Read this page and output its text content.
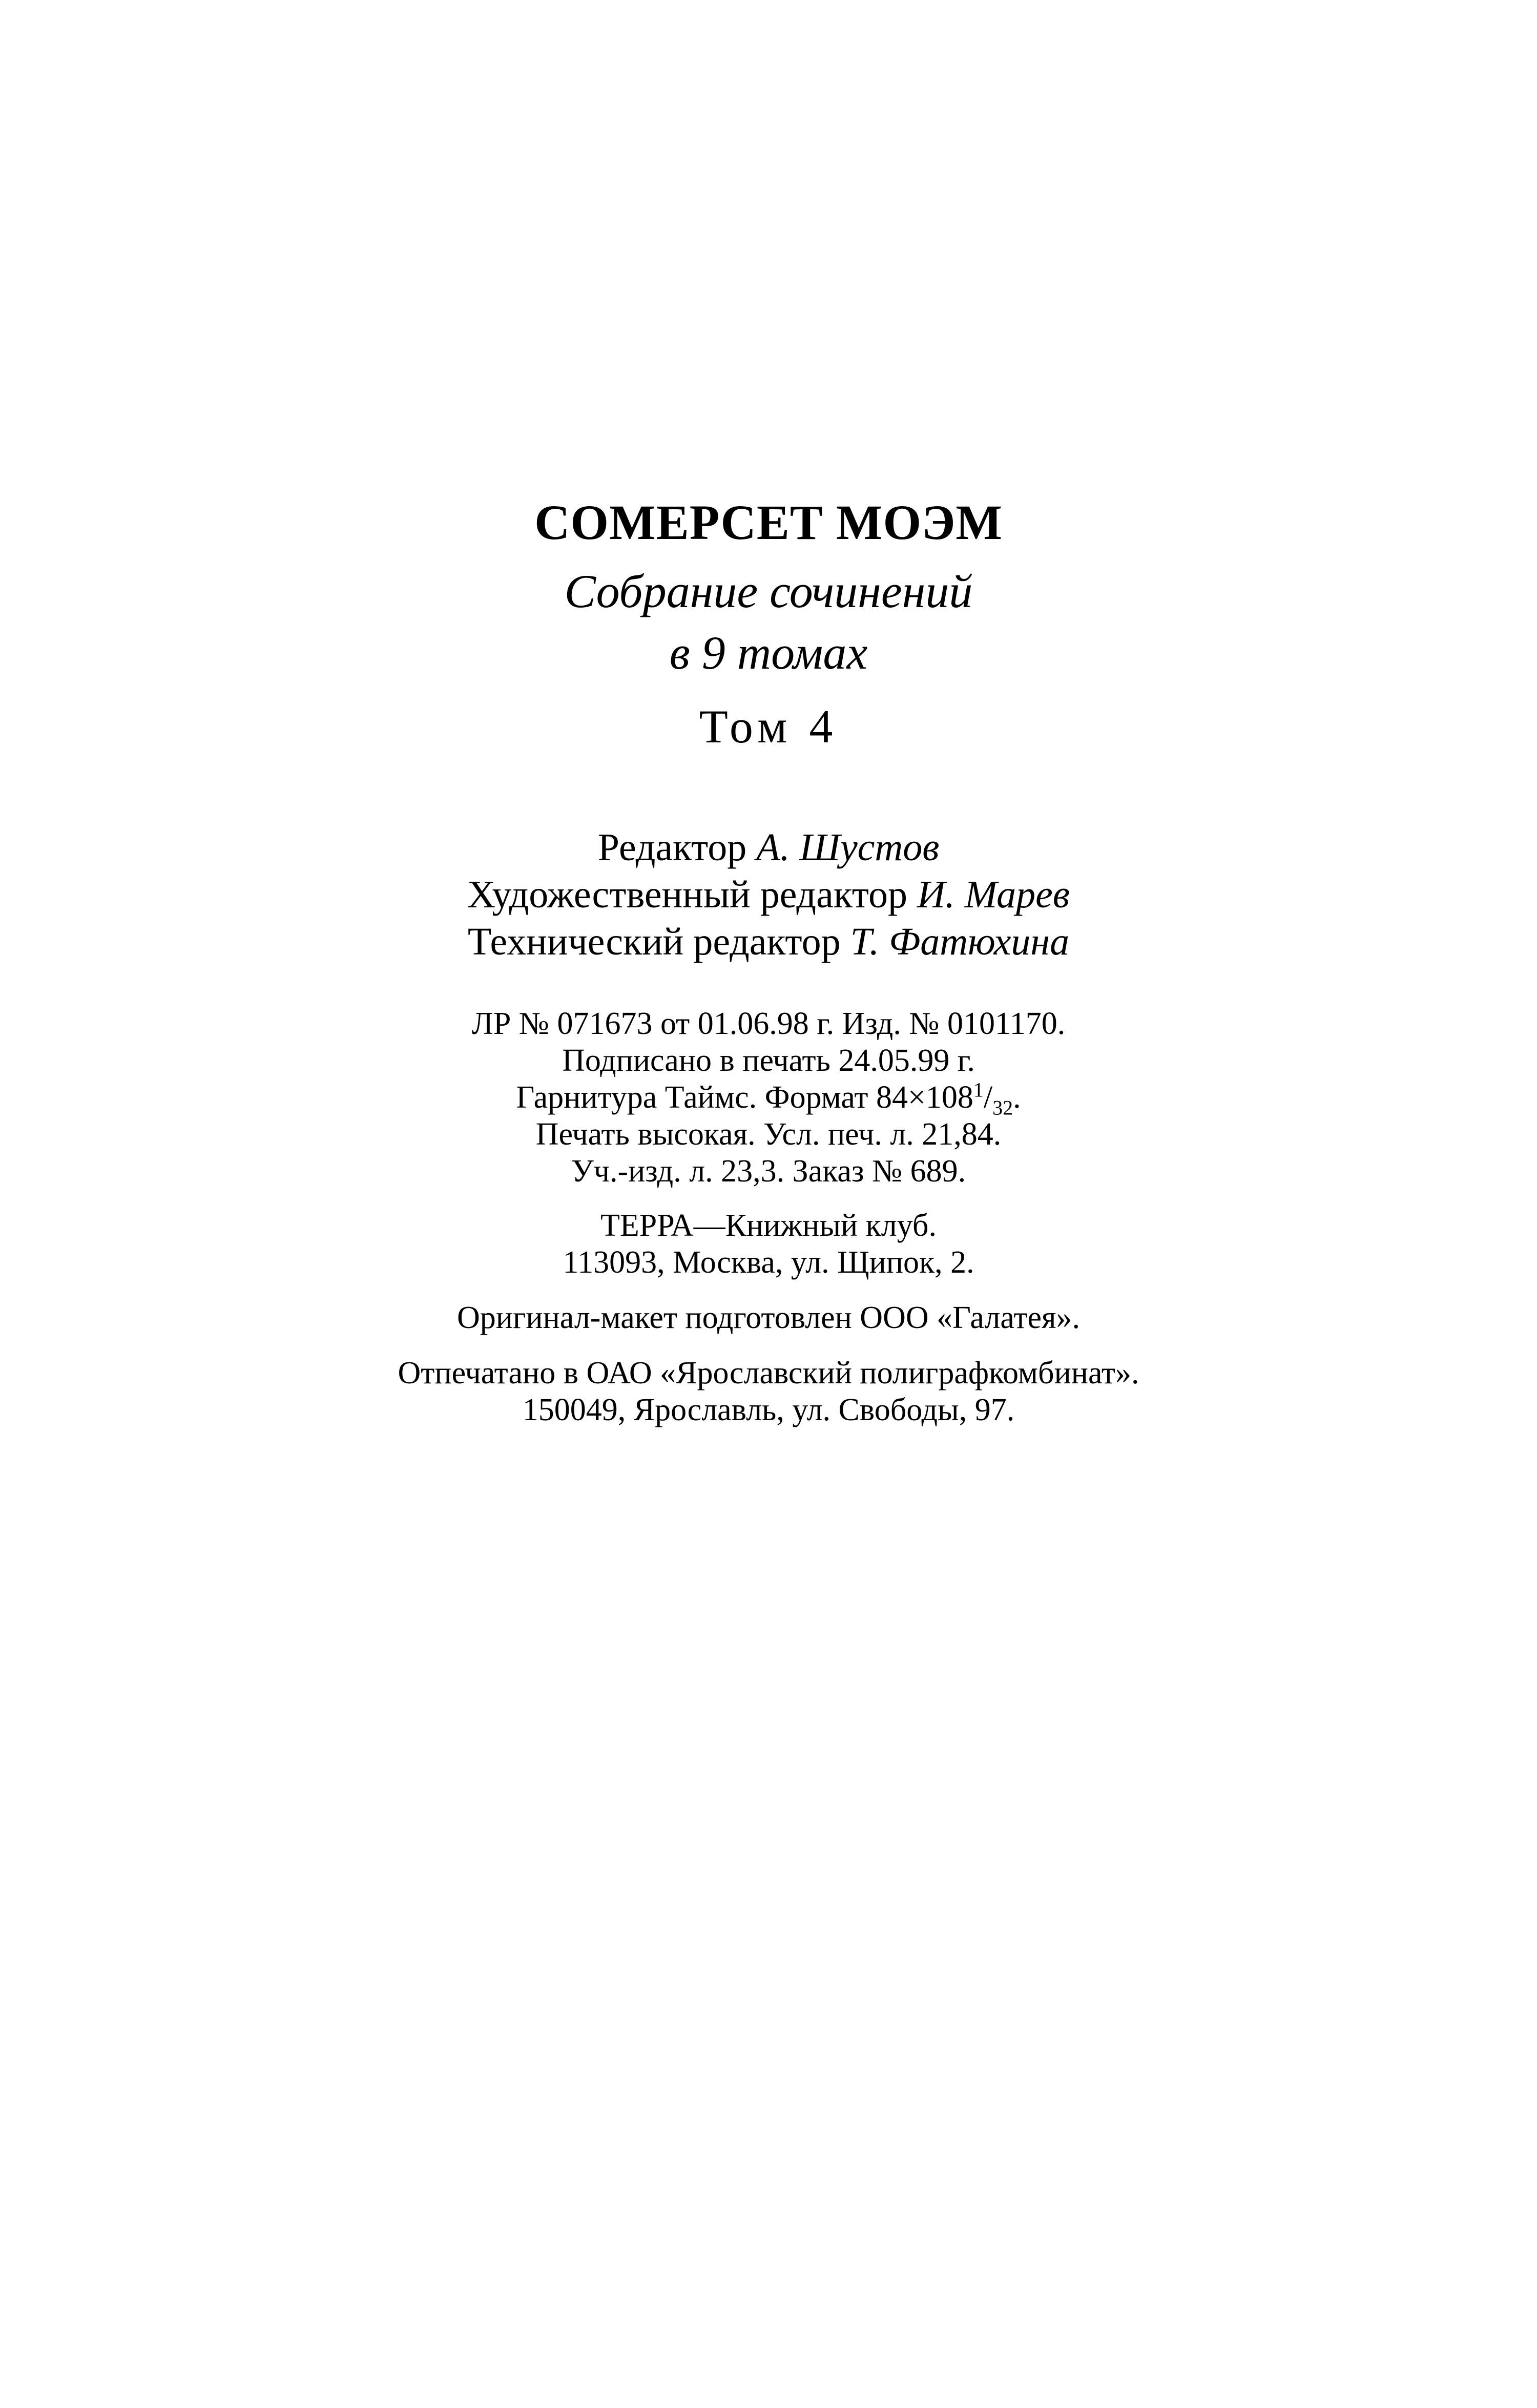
СОМЕРСЕТ МОЭМ
Собрание сочинений
в 9 томах
Том 4
Редактор А. Шустов
Художественный редактор И. Марев
Технический редактор Т. Фатюхина
ЛР № 071673 от 01.06.98 г. Изд. № 0101170.
Подписано в печать 24.05.99 г.
Гарнитура Таймс. Формат $84\times 108^1/_{32}$.
Печать высокая. Усл. печ. л. 21,84.
Уч.-изд. л. 23,3. Заказ № 689.
ТЕРРА—Книжный клуб.
113093, Москва, ул. Щипок, 2.
Оригинал-макет подготовлен ООО «Галатея».
Отпечатано в ОАО «Ярославский полиграфкомбинат».
150049, Ярославль, ул. Свободы, 97.
